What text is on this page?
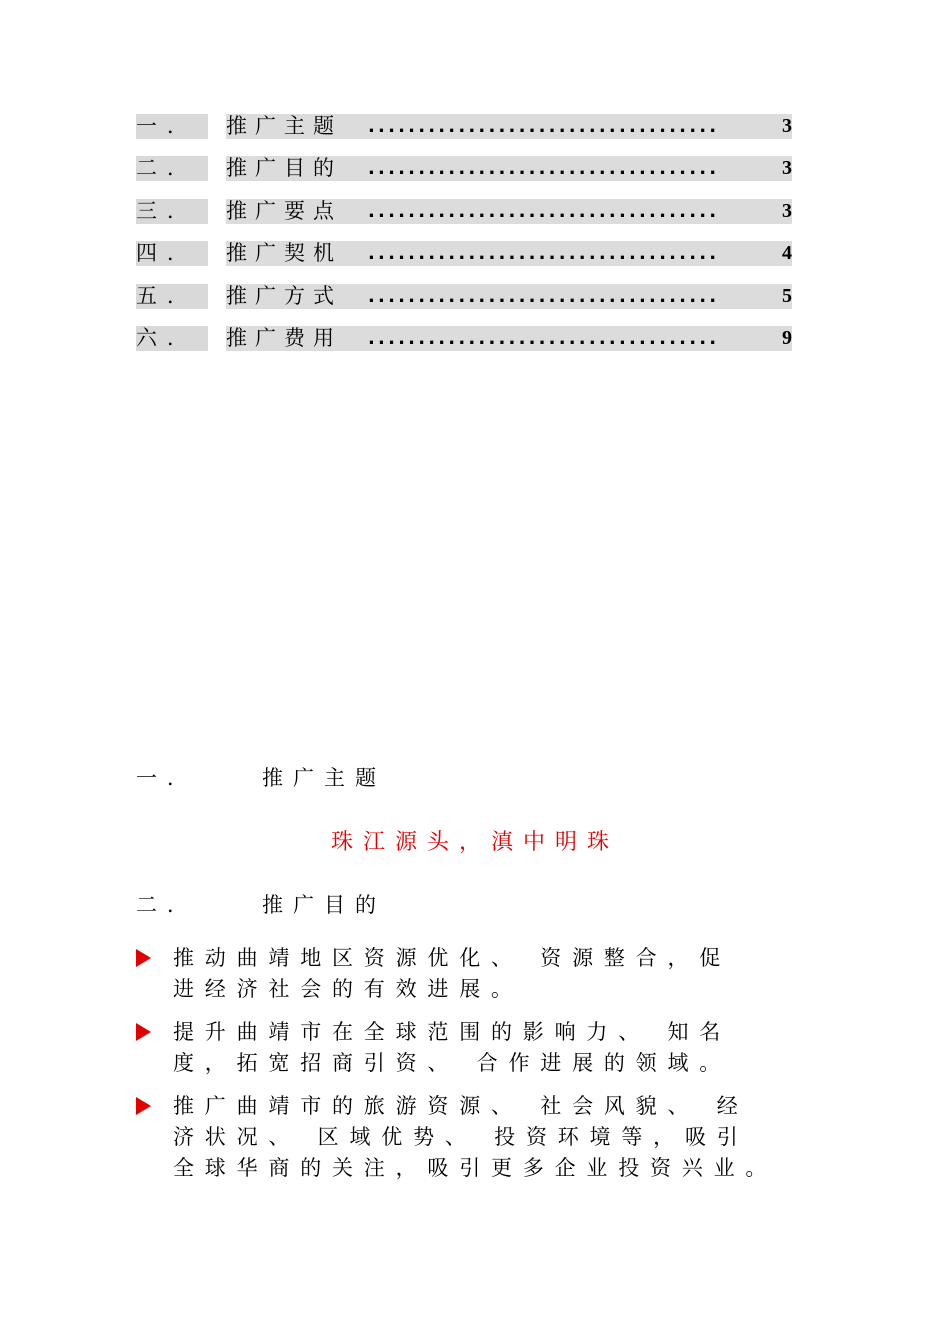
一．	推广主题 ...................................	3
二．	推广目的 ...................................	3
三．	推广要点 ...................................	3
四．	推广契机 ...................................	4
五．	推广方式 ...................................	5
六．	推广费用 ...................................	9
一．	推广主题
珠江源头，滇中明珠
二．	推广目的
推动曲靖地区资源优化、 资源整合，促
进经济社会的有效进展。
提升曲靖市在全球范围的影响力、 知名
度，拓宽招商引资、 合作进展的领域。
推广曲靖市的旅游资源、 社会风貌、 经
济状况、 区域优势、 投资环境等，吸引
全球华商的关注，吸引更多企业投资兴业。
